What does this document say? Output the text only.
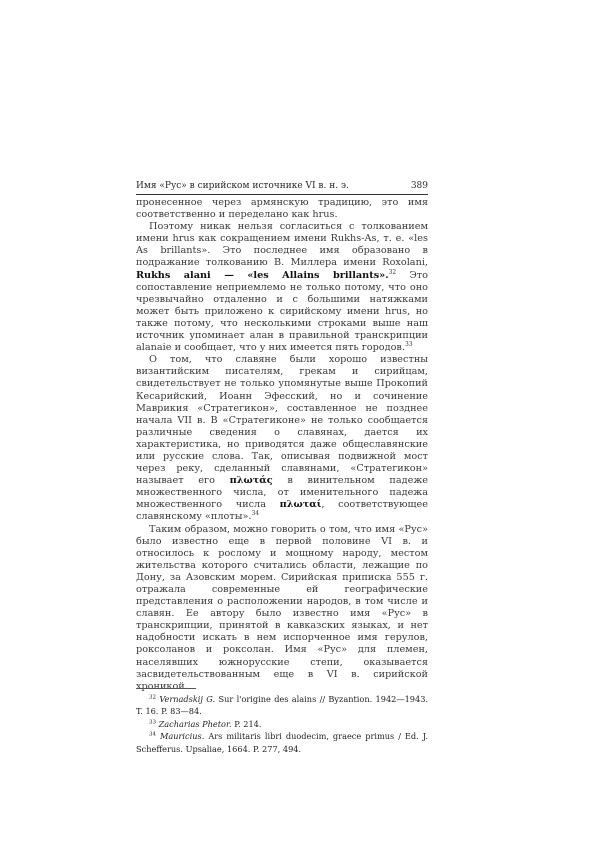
Имя «Рус» в сирийском источнике VI в. н. э.	389

пронесенное через армянскую традицию, это имя соответственно и переделано как hrus.

Поэтому никак нельзя согласиться с толкованием имени hrus как сокращением имени Rukhs-As, т. е. «les As brillants». Это последнее имя образовано в подражание толкованию В. Миллера имени Roxolani, Rukhs alani — «les Allains brillants».$^{32}$ Это сопоставление неприемлемо не только потому, что оно чрезвычайно отдаленно и с большими натяжками может быть приложено к сирийскому имени hrus, но также потому, что несколькими строками выше наш источник упоминает алан в правильной транскрипции alanaie и сообщает, что у них имеется пять городов.$^{33}$

О том, что славяне были хорошо известны византийским писателям, грекам и сирийцам, свидетельствует не только упомянутые выше Прокопий Кесарийский, Иоанн Эфесский, но и сочинение Маврикия «Стратегикон», составленное не позднее начала VII в. В «Стратегиконе» не только сообщается различные сведения о славянах, дается их характеристика, но приводятся даже общеславянские или русские слова. Так, описывая подвижной мост через реку, сделанный славянами, «Стратегикон» называет его πλωτάς в винительном падеже множественного числа, от именительного падежа множественного числа πλωταί, соответствующее славянскому «плоты».$^{34}$

Таким образом, можно говорить о том, что имя «Рус» было известно еще в первой половине VI в. и относилось к рослому и мощному народу, местом жительства которого считались области, лежащие по Дону, за Азовским морем. Сирийская приписка 555 г. отражала современные ей географические представления о расположении народов, в том числе и славян. Ее автору было известно имя «Рус» в транскрипции, принятой в кавказских языках, и нет надобности искать в нем испорченное имя герулов, роксоланов и роксолан. Имя «Рус» для племен, населявших южнорусские степи, оказывается засвидетельствованным еще в VI в. сирийской хроникой.

$^{32}$ Vernadskij G. Sur l'origine des alains // Byzantion. 1942—1943. T. 16. P. 83—84.

$^{33}$ Zacharias Phetor. P. 214.

$^{34}$ Mauricius. Ars militaris libri duodecim, graece primus / Ed. J. Schefferus. Upsaliae, 1664. P. 277, 494.
